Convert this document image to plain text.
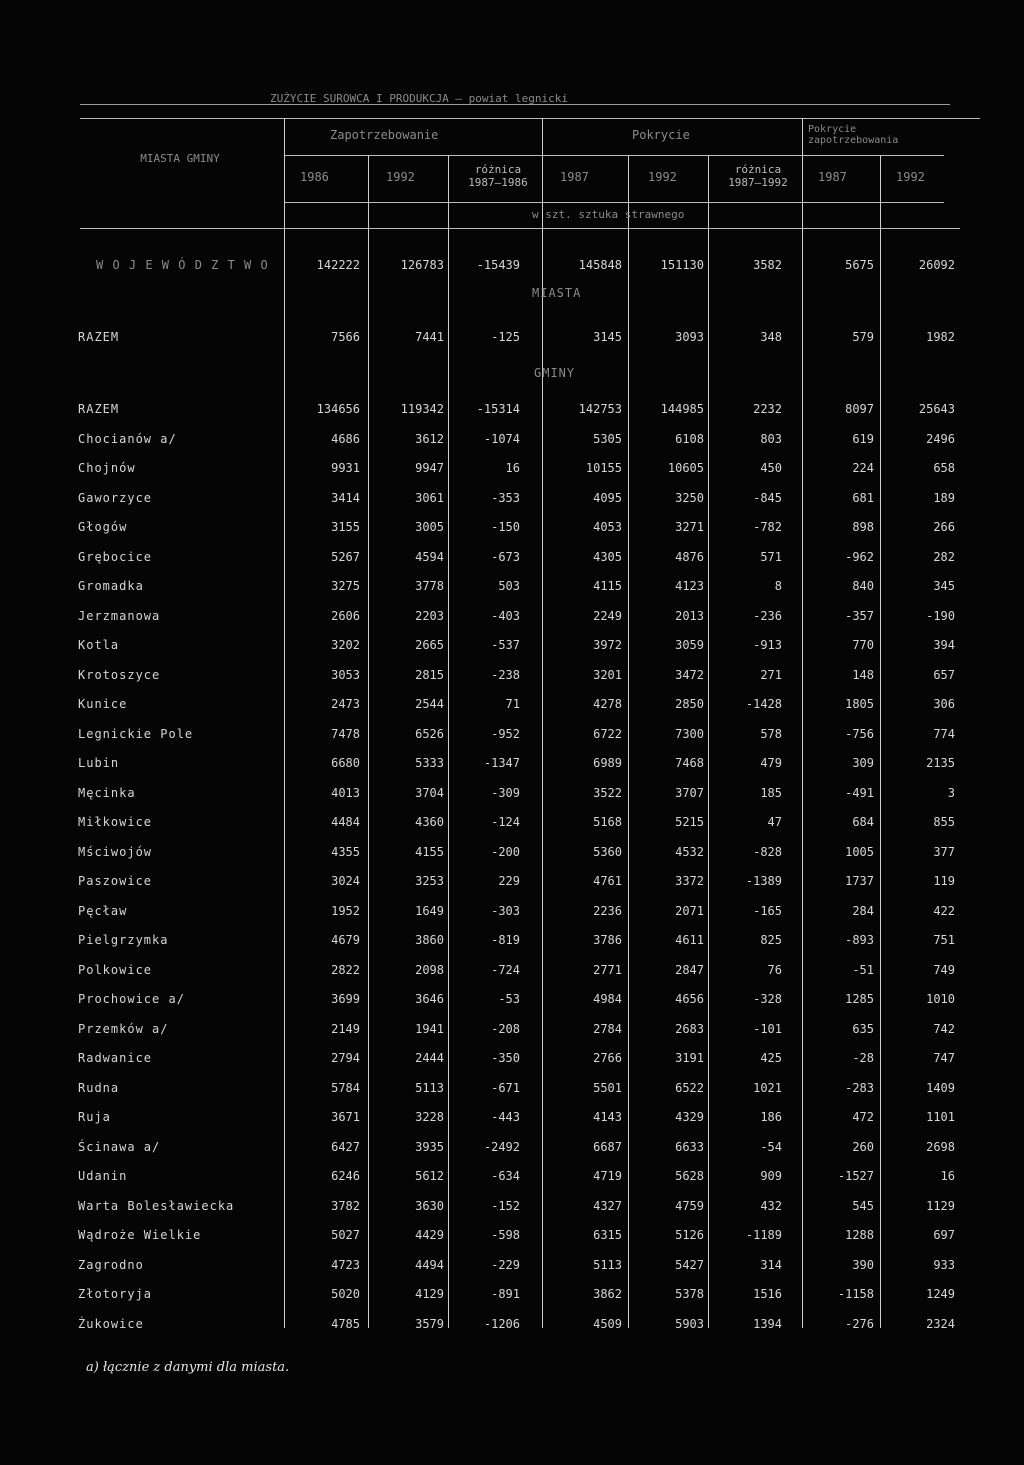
ZUŻYCIE SUROWCA I PRODUKCJA — powiat legnicki
MIASTA GMINY
Zapotrzebowanie	Pokrycie	Pokrycie zapotrzebowania
1986	1992
różnica 1987–1986	1987	1992
różnica 1987–1992	1987	1992
w szt. sztuka strawnego
W O J E W Ó D Z T W O	142222	126783	-15439	145848	151130	3582	5675	26092
MIASTA
GMINY
RAZEM	7566	7441	-125	3145	3093	348	579	1982
RAZEM	134656	119342	-15314	142753	144985	2232	8097	25643
Chocianów a/	4686	3612	-1074	5305	6108	803	619	2496
Chojnów	9931	9947	16	10155	10605	450	224	658
Gaworzyce	3414	3061	-353	4095	3250	-845	681	189
Głogów	3155	3005	-150	4053	3271	-782	898	266
Grębocice	5267	4594	-673	4305	4876	571	-962	282
Gromadka	3275	3778	503	4115	4123	8	840	345
Jerzmanowa	2606	2203	-403	2249	2013	-236	-357	-190
Kotla	3202	2665	-537	3972	3059	-913	770	394
Krotoszyce	3053	2815	-238	3201	3472	271	148	657
Kunice	2473	2544	71	4278	2850	-1428	1805	306
Legnickie Pole	7478	6526	-952	6722	7300	578	-756	774
Lubin	6680	5333	-1347	6989	7468	479	309	2135
Męcinka	4013	3704	-309	3522	3707	185	-491	3
Miłkowice	4484	4360	-124	5168	5215	47	684	855
Mściwojów	4355	4155	-200	5360	4532	-828	1005	377
Paszowice	3024	3253	229	4761	3372	-1389	1737	119
Pęcław	1952	1649	-303	2236	2071	-165	284	422
Pielgrzymka	4679	3860	-819	3786	4611	825	-893	751
Polkowice	2822	2098	-724	2771	2847	76	-51	749
Prochowice a/	3699	3646	-53	4984	4656	-328	1285	1010
Przemków a/	2149	1941	-208	2784	2683	-101	635	742
Radwanice	2794	2444	-350	2766	3191	425	-28	747
Rudna	5784	5113	-671	5501	6522	1021	-283	1409
Ruja	3671	3228	-443	4143	4329	186	472	1101
Ścinawa a/	6427	3935	-2492	6687	6633	-54	260	2698
Udanin	6246	5612	-634	4719	5628	909	-1527	16
Warta Bolesławiecka	3782	3630	-152	4327	4759	432	545	1129
Wądroże Wielkie	5027	4429	-598	6315	5126	-1189	1288	697
Zagrodno	4723	4494	-229	5113	5427	314	390	933
Złotoryja	5020	4129	-891	3862	5378	1516	-1158	1249
Żukowice	4785	3579	-1206	4509	5903	1394	-276	2324
a) łącznie z danymi dla miasta.
